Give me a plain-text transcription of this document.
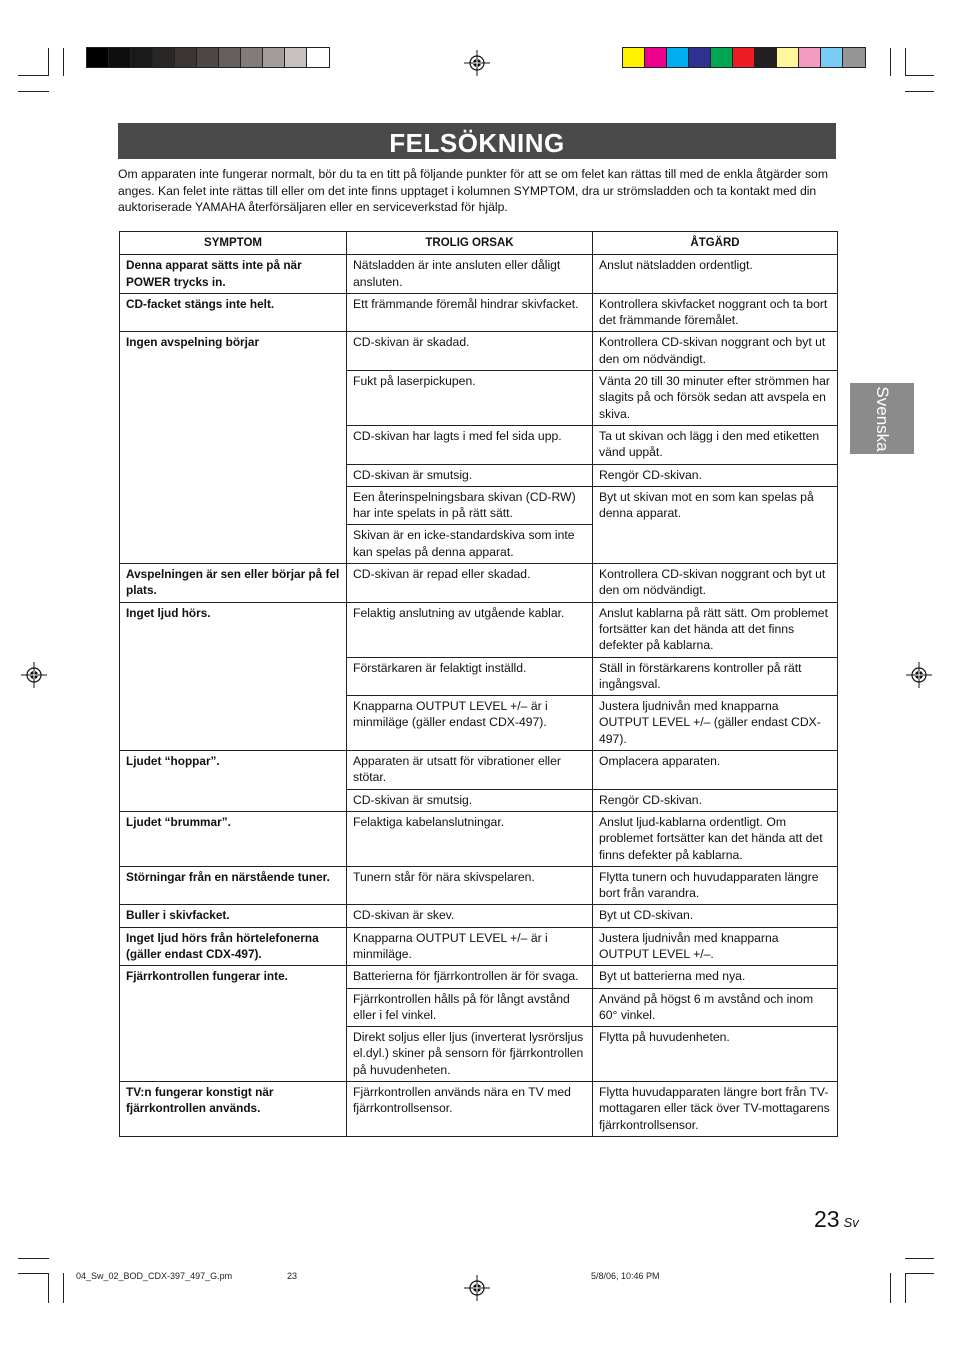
FELSÖKNING
Om apparaten inte fungerar normalt, bör du ta en titt på följande punkter för att se om felet kan rättas till med de enkla åtgärder som anges. Kan felet inte rättas till eller om det inte finns upptaget i kolumnen SYMPTOM, dra ur strömsladden och ta kontakt med din auktoriserade YAMAHA återförsäljaren eller en serviceverkstad för hjälp.
Svenska
SYMPTOM	TROLIG ORSAK	ÅTGÄRD
Denna apparat sätts inte på när POWER trycks in.	Nätsladden är inte ansluten eller dåligt ansluten.	Anslut nätsladden ordentligt.
CD-facket stängs inte helt.	Ett främmande föremål hindrar skivfacket.	Kontrollera skivfacket noggrant och ta bort det främmande föremålet.
Ingen avspelning börjar	CD-skivan är skadad.	Kontrollera CD-skivan noggrant och byt ut den om nödvändigt.
	Fukt på laserpickupen.	Vänta 20 till 30 minuter efter strömmen har slagits på och försök sedan att avspela en skiva.
	CD-skivan har lagts i med fel sida upp.	Ta ut skivan och lägg i den med etiketten vänd uppåt.
	CD-skivan är smutsig.	Rengör CD-skivan.
	Een återinspelningsbara skivan (CD-RW) har inte spelats in på rätt sätt.	Byt ut skivan mot en som kan spelas på denna apparat.
	Skivan är en icke-standardskiva som inte kan spelas på denna apparat.	
Avspelningen är sen eller börjar på fel plats.	CD-skivan är repad eller skadad.	Kontrollera CD-skivan noggrant och byt ut den om nödvändigt.
Inget ljud hörs.	Felaktig anslutning av utgående kablar.	Anslut kablarna på rätt sätt. Om problemet fortsätter kan det hända att det finns defekter på kablarna.
	Förstärkaren är felaktigt inställd.	Ställ in förstärkarens kontroller på rätt ingångsval.
	Knapparna OUTPUT LEVEL +/– är i minmiläge (gäller endast CDX-497).	Justera ljudnivån med knapparna OUTPUT LEVEL +/– (gäller endast CDX-497).
Ljudet “hoppar”.	Apparaten är utsatt för vibrationer eller stötar.	Omplacera apparaten.
	CD-skivan är smutsig.	Rengör CD-skivan.
Ljudet “brummar”.	Felaktiga kabelanslutningar.	Anslut ljud-kablarna ordentligt. Om problemet fortsätter kan det hända att det finns defekter på kablarna.
Störningar från en närstående tuner.	Tunern står för nära skivspelaren.	Flytta tunern och huvudapparaten längre bort från varandra.
Buller i skivfacket.	CD-skivan är skev.	Byt ut CD-skivan.
Inget ljud hörs från hörtelefonerna (gäller endast CDX-497).	Knapparna OUTPUT LEVEL +/– är i minmiläge.	Justera ljudnivån med knapparna OUTPUT LEVEL +/–.
Fjärrkontrollen fungerar inte.	Batterierna för fjärrkontrollen är för svaga.	Byt ut batterierna med nya.
	Fjärrkontrollen hålls på för långt avstånd eller i fel vinkel.	Använd på högst 6 m avstånd och inom 60° vinkel.
	Direkt soljus eller ljus (inverterat lysrörsljus el.dyl.) skiner på sensorn för fjärrkontrollen på huvudenheten.	Flytta på huvudenheten.
TV:n fungerar konstigt när fjärrkontrollen används.	Fjärrkontrollen används nära en TV med fjärrkontrollsensor.	Flytta huvudapparaten längre bort från TV-mottagaren eller täck över TV-mottagarens fjärrkontrollsensor.
23 Sv
04_Sw_02_BOD_CDX-397_497_G.pm	23	5/8/06, 10:46 PM
